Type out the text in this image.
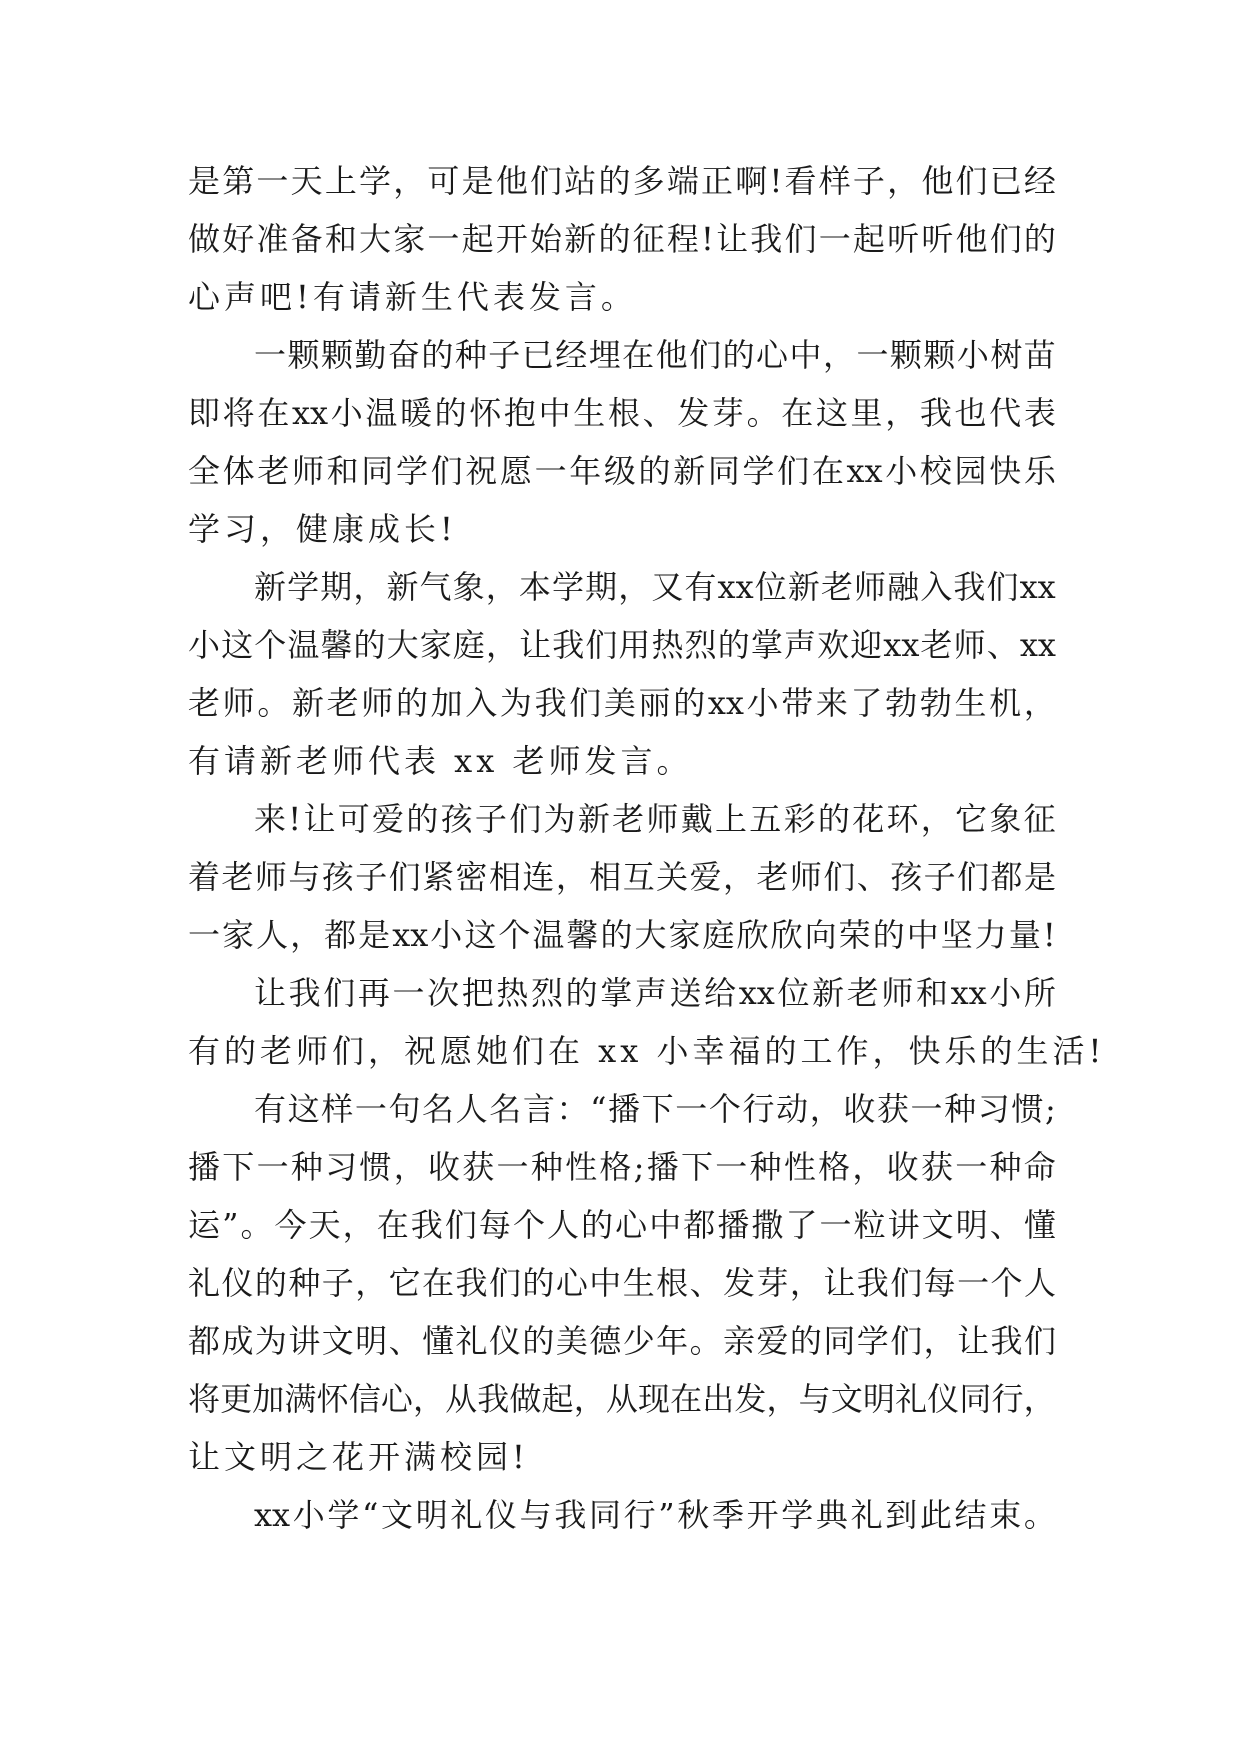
是 第 一 天 上 学 ， 可 是 他 们 站 的 多 端 正 啊 ! 看 样 子 ， 他 们 已 经
做 好 准 备 和 大 家 一 起 开 始 新 的 征 程 ! 让 我 们 一 起 听 听 他 们 的
心声吧!有请新生代表发言。
一 颗 颗 勤 奋 的 种 子 已 经 埋 在 他 们 的 心 中 ， 一 颗 颗 小 树 苗
即 将 在 xx 小 温 暖 的 怀 抱 中 生 根 、 发 芽 。 在 这 里 ， 我 也 代 表
全 体 老 师 和 同 学 们 祝 愿 一 年 级 的 新 同 学 们 在 xx 小 校 园 快 乐
学习，健康成长!
新 学 期 ， 新 气 象 ， 本 学 期 ， 又 有 xx 位 新 老 师 融 入 我 们 xx
小 这 个 温 馨 的 大 家 庭 ， 让 我 们 用 热 烈 的 掌 声 欢 迎 xx 老 师 、 xx
老 师 。 新 老 师 的 加 入 为 我 们 美 丽 的 xx 小 带 来 了 勃 勃 生 机 ，
有请新老师代表 xx 老师发言。
来 ! 让 可 爱 的 孩 子 们 为 新 老 师 戴 上 五 彩 的 花 环 ， 它 象 征
着 老 师 与 孩 子 们 紧 密 相 连 ， 相 互 关 爱 ， 老 师 们 、 孩 子 们 都 是
一 家 人 ， 都 是 xx 小 这 个 温 馨 的 大 家 庭 欣 欣 向 荣 的 中 坚 力 量 !
让 我 们 再 一 次 把 热 烈 的 掌 声 送 给 xx 位 新 老 师 和 xx 小 所
有的老师们，祝愿她们在 xx 小幸福的工作，快乐的生活!
有 这 样 一 句 名 人 名 言 ： “ 播 下 一 个 行 动 ， 收 获 一 种 习 惯 ;
播 下 一 种 习 惯 ， 收 获 一 种 性 格 ; 播 下 一 种 性 格 ， 收 获 一 种 命
运 ” 。 今 天 ， 在 我 们 每 个 人 的 心 中 都 播 撒 了 一 粒 讲 文 明 、 懂
礼 仪 的 种 子 ， 它 在 我 们 的 心 中 生 根 、 发 芽 ， 让 我 们 每 一 个 人
都 成 为 讲 文 明 、 懂 礼 仪 的 美 德 少 年 。 亲 爱 的 同 学 们 ， 让 我 们
将 更 加 满 怀 信 心 ， 从 我 做 起 ， 从 现 在 出 发 ， 与 文 明 礼 仪 同 行 ，
让文明之花开满校园!
xx 小 学 “ 文 明 礼 仪 与 我 同 行 ” 秋 季 开 学 典 礼 到 此 结 束 。
